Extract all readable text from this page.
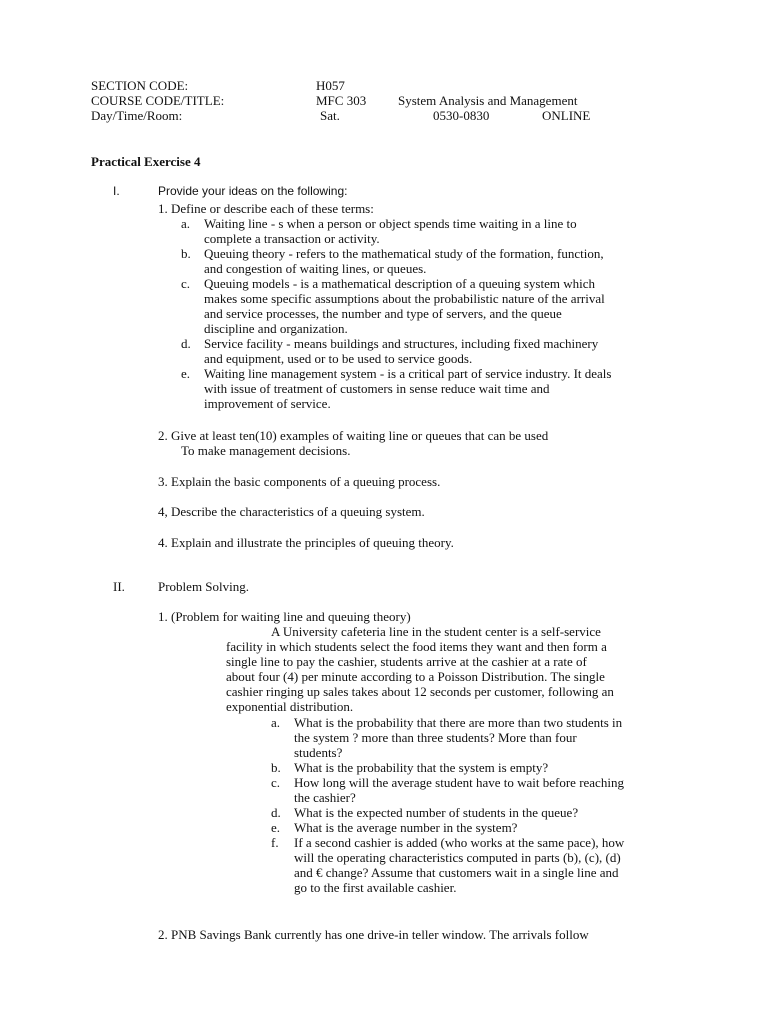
SECTION CODE:	H057
COURSE CODE/TITLE:	MFC 303 System Analysis and Management
Day/Time/Room:	Sat.	0530-0830	ONLINE
Practical Exercise 4
I.	Provide your ideas on the following:
1. Define or describe each of these terms:
a. Waiting line - s when a person or object spends time waiting in a line to
complete a transaction or activity.
b. Queuing theory - refers to the mathematical study of the formation, function,
and congestion of waiting lines, or queues.
c. Queuing models - is a mathematical description of a queuing system which
makes some specific assumptions about the probabilistic nature of the arrival
and service processes, the number and type of servers, and the queue
discipline and organization.
d. Service facility - means buildings and structures, including fixed machinery
and equipment, used or to be used to service goods.
e. Waiting line management system - is a critical part of service industry. It deals
with issue of treatment of customers in sense reduce wait time and
improvement of service.
2. Give at least ten(10) examples of waiting line or queues that can be used
To make management decisions.
3. Explain the basic components of a queuing process.
4, Describe the characteristics of a queuing system.
4. Explain and illustrate the principles of queuing theory.
II.	Problem Solving.
1. (Problem for waiting line and queuing theory)
A University cafeteria line in the student center is a self-service
facility in which students select the food items they want and then form a
single line to pay the cashier, students arrive at the cashier at a rate of
about four (4) per minute according to a Poisson Distribution. The single
cashier ringing up sales takes about 12 seconds per customer, following an
exponential distribution.
a. What is the probability that there are more than two students in
the system ? more than three students? More than four
students?
b. What is the probability that the system is empty?
c. How long will the average student have to wait before reaching
the cashier?
d. What is the expected number of students in the queue?
e. What is the average number in the system?
f. If a second cashier is added (who works at the same pace), how
will the operating characteristics computed in parts (b), (c), (d)
and € change? Assume that customers wait in a single line and
go to the first available cashier.
2. PNB Savings Bank currently has one drive-in teller window. The arrivals follow
